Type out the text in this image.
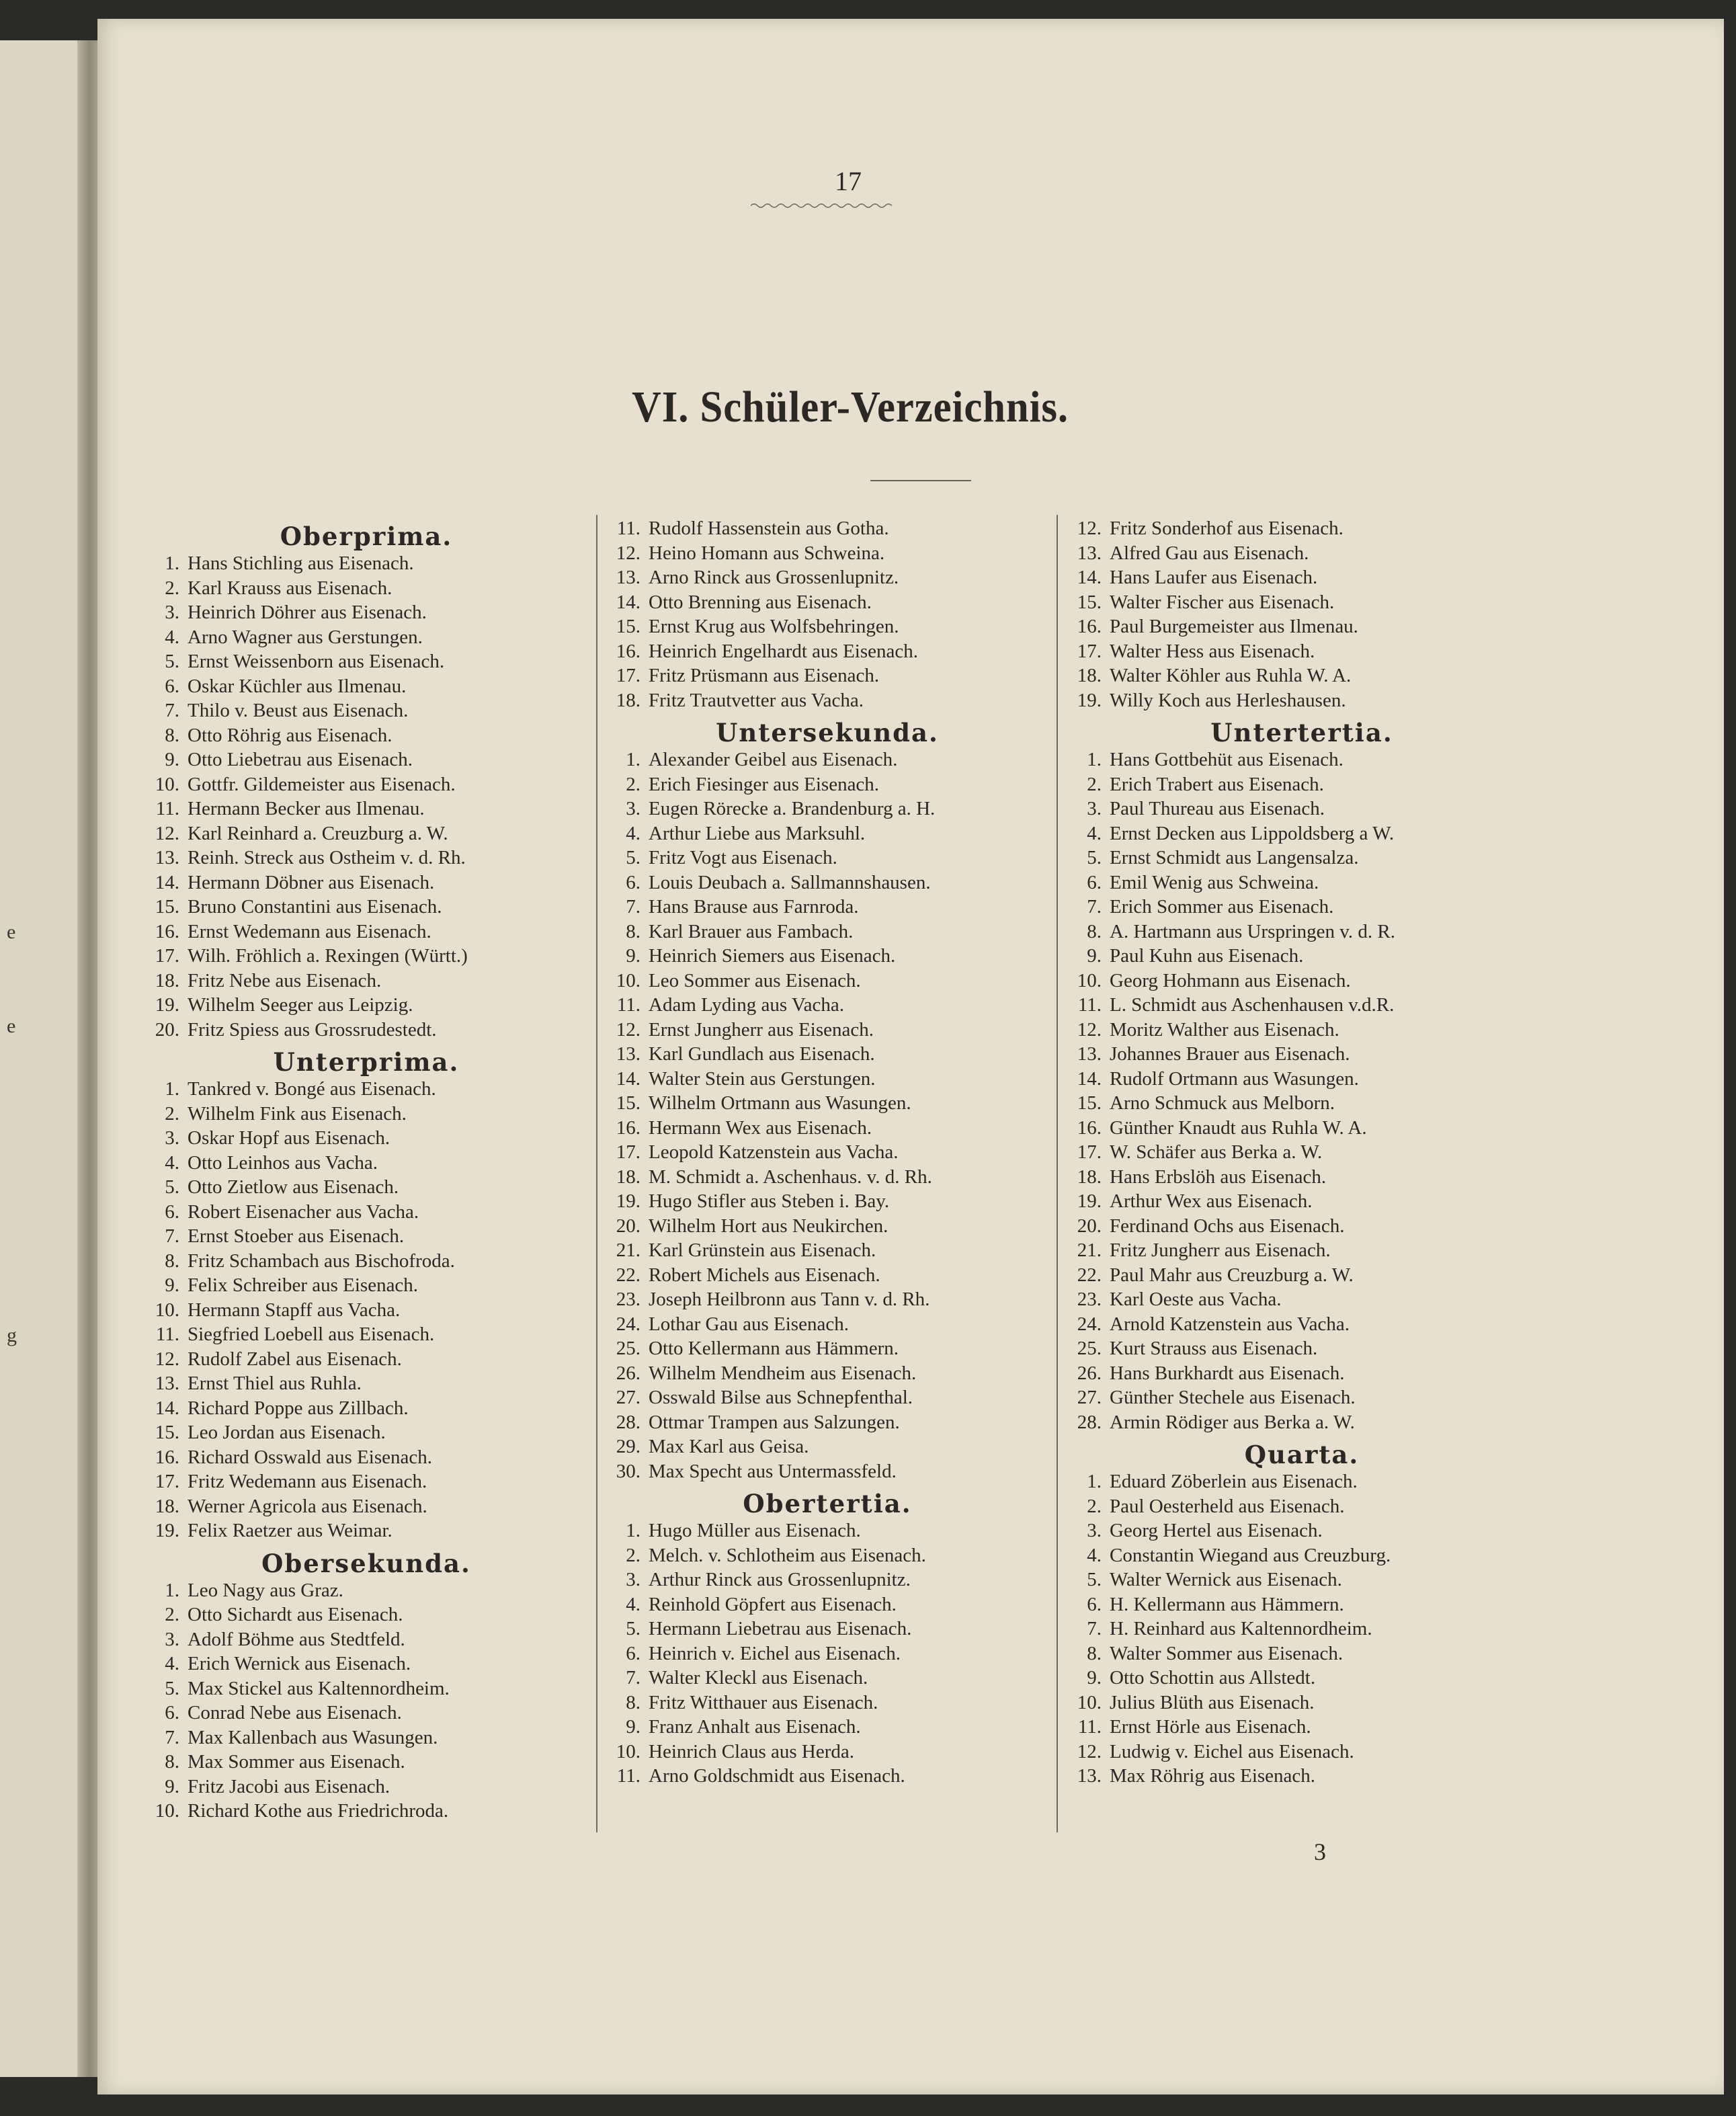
e
e
g
17
VI. Schüler-Verzeichnis.
Oberprima.
1. Hans Stichling aus Eisenach.
2. Karl Krauss aus Eisenach.
3. Heinrich Döhrer aus Eisenach.
4. Arno Wagner aus Gerstungen.
5. Ernst Weissenborn aus Eisenach.
6. Oskar Küchler aus Ilmenau.
7. Thilo v. Beust aus Eisenach.
8. Otto Röhrig aus Eisenach.
9. Otto Liebetrau aus Eisenach.
10. Gottfr. Gildemeister aus Eisenach.
11. Hermann Becker aus Ilmenau.
12. Karl Reinhard a. Creuzburg a. W.
13. Reinh. Streck aus Ostheim v. d. Rh.
14. Hermann Döbner aus Eisenach.
15. Bruno Constantini aus Eisenach.
16. Ernst Wedemann aus Eisenach.
17. Wilh. Fröhlich a. Rexingen (Württ.)
18. Fritz Nebe aus Eisenach.
19. Wilhelm Seeger aus Leipzig.
20. Fritz Spiess aus Grossrudestedt.
Unterprima.
1. Tankred v. Bongé aus Eisenach.
2. Wilhelm Fink aus Eisenach.
3. Oskar Hopf aus Eisenach.
4. Otto Leinhos aus Vacha.
5. Otto Zietlow aus Eisenach.
6. Robert Eisenacher aus Vacha.
7. Ernst Stoeber aus Eisenach.
8. Fritz Schambach aus Bischofroda.
9. Felix Schreiber aus Eisenach.
10. Hermann Stapff aus Vacha.
11. Siegfried Loebell aus Eisenach.
12. Rudolf Zabel aus Eisenach.
13. Ernst Thiel aus Ruhla.
14. Richard Poppe aus Zillbach.
15. Leo Jordan aus Eisenach.
16. Richard Osswald aus Eisenach.
17. Fritz Wedemann aus Eisenach.
18. Werner Agricola aus Eisenach.
19. Felix Raetzer aus Weimar.
Obersekunda.
1. Leo Nagy aus Graz.
2. Otto Sichardt aus Eisenach.
3. Adolf Böhme aus Stedtfeld.
4. Erich Wernick aus Eisenach.
5. Max Stickel aus Kaltennordheim.
6. Conrad Nebe aus Eisenach.
7. Max Kallenbach aus Wasungen.
8. Max Sommer aus Eisenach.
9. Fritz Jacobi aus Eisenach.
10. Richard Kothe aus Friedrichroda.
11. Rudolf Hassenstein aus Gotha.
12. Heino Homann aus Schweina.
13. Arno Rinck aus Grossenlupnitz.
14. Otto Brenning aus Eisenach.
15. Ernst Krug aus Wolfsbehringen.
16. Heinrich Engelhardt aus Eisenach.
17. Fritz Prüsmann aus Eisenach.
18. Fritz Trautvetter aus Vacha.
Untersekunda.
1. Alexander Geibel aus Eisenach.
2. Erich Fiesinger aus Eisenach.
3. Eugen Röreckе a. Brandenburg a. H.
4. Arthur Liebe aus Marksuhl.
5. Fritz Vogt aus Eisenach.
6. Louis Deubach a. Sallmannshausen.
7. Hans Brause aus Farnroda.
8. Karl Brauer aus Fambach.
9. Heinrich Siemers aus Eisenach.
10. Leo Sommer aus Eisenach.
11. Adam Lyding aus Vacha.
12. Ernst Jungherr aus Eisenach.
13. Karl Gundlach aus Eisenach.
14. Walter Stein aus Gerstungen.
15. Wilhelm Ortmann aus Wasungen.
16. Hermann Wex aus Eisenach.
17. Leopold Katzenstein aus Vacha.
18. M. Schmidt a. Aschenhaus. v. d. Rh.
19. Hugo Stifler aus Steben i. Bay.
20. Wilhelm Hort aus Neukirchen.
21. Karl Grünstein aus Eisenach.
22. Robert Michels aus Eisenach.
23. Joseph Heilbronn aus Tann v. d. Rh.
24. Lothar Gau aus Eisenach.
25. Otto Kellermann aus Hämmern.
26. Wilhelm Mendheim aus Eisenach.
27. Osswald Bilse aus Schnepfenthal.
28. Ottmar Trampen aus Salzungen.
29. Max Karl aus Geisa.
30. Max Specht aus Untermassfeld.
Obertertia.
1. Hugo Müller aus Eisenach.
2. Melch. v. Schlotheim aus Eisenach.
3. Arthur Rinck aus Grossenlupnitz.
4. Reinhold Göpfert aus Eisenach.
5. Hermann Liebetrau aus Eisenach.
6. Heinrich v. Eichel aus Eisenach.
7. Walter Kleckl aus Eisenach.
8. Fritz Witthauer aus Eisenach.
9. Franz Anhalt aus Eisenach.
10. Heinrich Claus aus Herda.
11. Arno Goldschmidt aus Eisenach.
12. Fritz Sonderhof aus Eisenach.
13. Alfred Gau aus Eisenach.
14. Hans Laufer aus Eisenach.
15. Walter Fischer aus Eisenach.
16. Paul Burgemeister aus Ilmenau.
17. Walter Hess aus Eisenach.
18. Walter Köhler aus Ruhla W. A.
19. Willy Koch aus Herleshausen.
Untertertia.
1. Hans Gottbehüt aus Eisenach.
2. Erich Trabert aus Eisenach.
3. Paul Thureau aus Eisenach.
4. Ernst Decken aus Lippoldsberg a W.
5. Ernst Schmidt aus Langensalza.
6. Emil Wenig aus Schweina.
7. Erich Sommer aus Eisenach.
8. A. Hartmann aus Urspringen v. d. R.
9. Paul Kuhn aus Eisenach.
10. Georg Hohmann aus Eisenach.
11. L. Schmidt aus Aschenhausen v.d.R.
12. Moritz Walther aus Eisenach.
13. Johannes Brauer aus Eisenach.
14. Rudolf Ortmann aus Wasungen.
15. Arno Schmuck aus Melborn.
16. Günther Knaudt aus Ruhla W. A.
17. W. Schäfer aus Berka a. W.
18. Hans Erbslöh aus Eisenach.
19. Arthur Wex aus Eisenach.
20. Ferdinand Ochs aus Eisenach.
21. Fritz Jungherr aus Eisenach.
22. Paul Mahr aus Creuzburg a. W.
23. Karl Oeste aus Vacha.
24. Arnold Katzenstein aus Vacha.
25. Kurt Strauss aus Eisenach.
26. Hans Burkhardt aus Eisenach.
27. Günther Stechele aus Eisenach.
28. Armin Rödiger aus Berka a. W.
Quarta.
1. Eduard Zöberlein aus Eisenach.
2. Paul Oesterheld aus Eisenach.
3. Georg Hertel aus Eisenach.
4. Constantin Wiegand aus Creuzburg.
5. Walter Wernick aus Eisenach.
6. H. Kellermann aus Hämmern.
7. H. Reinhard aus Kaltennordheim.
8. Walter Sommer aus Eisenach.
9. Otto Schottin aus Allstedt.
10. Julius Blüth aus Eisenach.
11. Ernst Hörle aus Eisenach.
12. Ludwig v. Eichel aus Eisenach.
13. Max Röhrig aus Eisenach.
3
